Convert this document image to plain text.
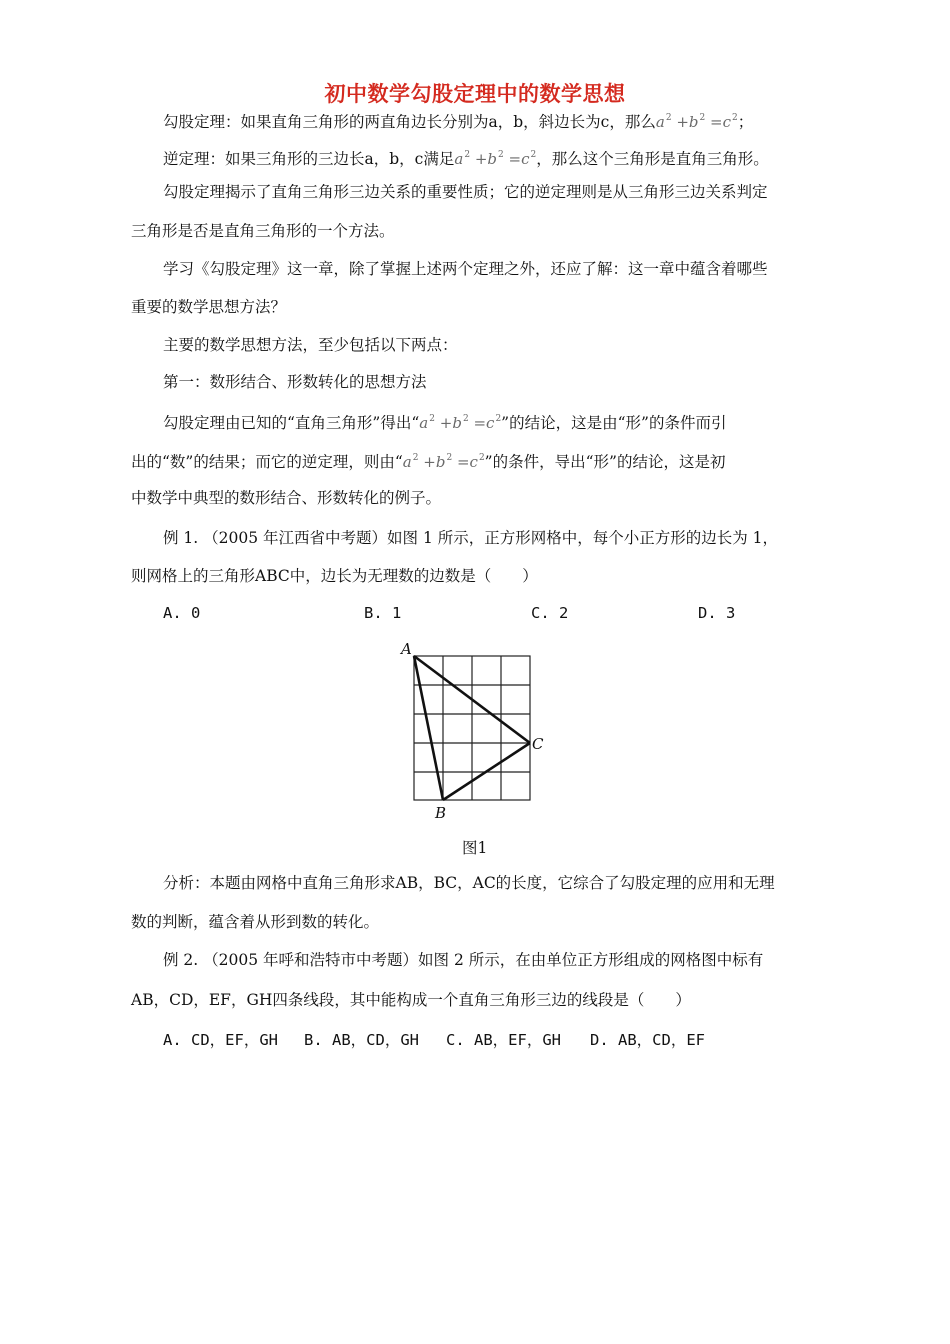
初中数学勾股定理中的数学思想
勾股定理：如果直角三角形的两直角边长分别为a，b，斜边长为c，那么$a^2 +b^2 =c^2$；
逆定理：如果三角形的三边长a，b，c满足$a^2 +b^2 =c^2$，那么这个三角形是直角三角形。
勾股定理揭示了直角三角形三边关系的重要性质；它的逆定理则是从三角形三边关系判定
三角形是否是直角三角形的一个方法。
学习《勾股定理》这一章，除了掌握上述两个定理之外，还应了解：这一章中蕴含着哪些
重要的数学思想方法？
主要的数学思想方法，至少包括以下两点：
第一：数形结合、形数转化的思想方法
勾股定理由已知的“直角三角形”得出“$a^2 +b^2 =c^2$”的结论，这是由“形”的条件而引
出的“数”的结果；而它的逆定理，则由“$a^2 +b^2 =c^2$”的条件，导出“形”的结论，这是初
中数学中典型的数形结合、形数转化的例子。
例 1. （2005 年江西省中考题）如图 1 所示，正方形网格中，每个小正方形的边长为 1，
则网格上的三角形ABC中，边长为无理数的边数是（　　）
A. 0	B. 1	C. 2	D. 3
A
B
C
图1
分析：本题由网格中直角三角形求AB，BC，AC的长度，它综合了勾股定理的应用和无理
数的判断，蕴含着从形到数的转化。
例 2. （2005 年呼和浩特市中考题）如图 2 所示，在由单位正方形组成的网格图中标有
AB，CD，EF，GH四条线段，其中能构成一个直角三角形三边的线段是（　　）
A. CD，EF，GH B. AB，CD，GH C. AB，EF，GH D. AB，CD，EF
